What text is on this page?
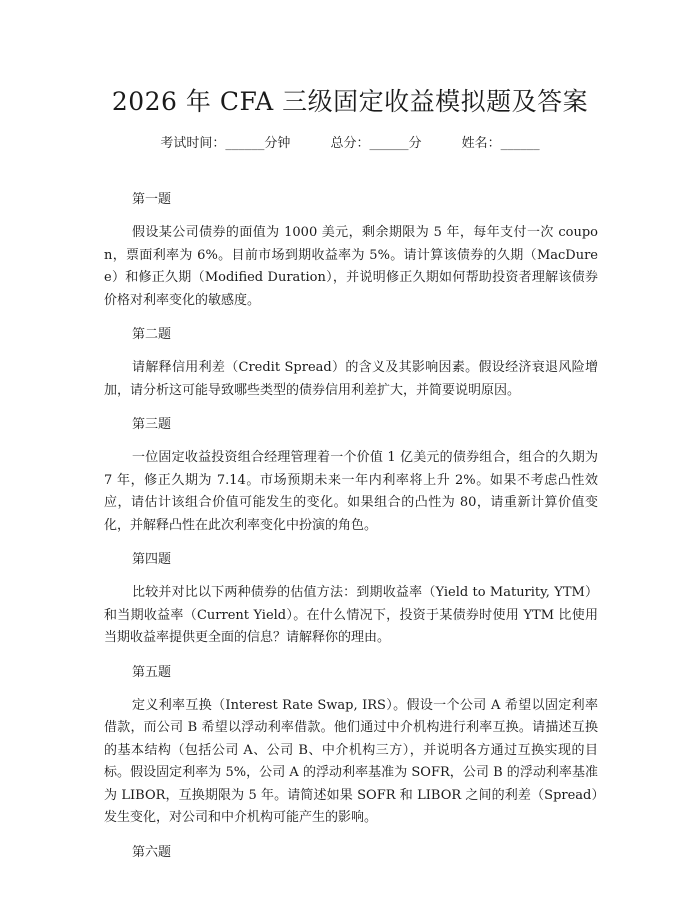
2026 年 CFA 三级固定收益模拟题及答案
考试时间：______分钟	总分：______分	姓名：______

第一题

假设某公司债券的面值为 1000 美元，剩余期限为 5 年，每年支付一次 coupon，票面利率为 6%。目前市场到期收益率为 5%。请计算该债券的久期（MacDuree）和修正久期（Modified Duration），并说明修正久期如何帮助投资者理解该债券价格对利率变化的敏感度。

第二题

请解释信用利差（Credit Spread）的含义及其影响因素。假设经济衰退风险增加，请分析这可能导致哪些类型的债券信用利差扩大，并简要说明原因。

第三题

一位固定收益投资组合经理管理着一个价值 1 亿美元的债券组合，组合的久期为 7 年，修正久期为 7.14。市场预期未来一年内利率将上升 2%。如果不考虑凸性效应，请估计该组合价值可能发生的变化。如果组合的凸性为 80，请重新计算价值变化，并解释凸性在此次利率变化中扮演的角色。

第四题

比较并对比以下两种债券的估值方法：到期收益率（Yield to Maturity, YTM）和当期收益率（Current Yield）。在什么情况下，投资于某债券时使用 YTM 比使用当期收益率提供更全面的信息？请解释你的理由。

第五题

定义利率互换（Interest Rate Swap, IRS）。假设一个公司 A 希望以固定利率借款，而公司 B 希望以浮动利率借款。他们通过中介机构进行利率互换。请描述互换的基本结构（包括公司 A、公司 B、中介机构三方），并说明各方通过互换实现的目标。假设固定利率为 5%，公司 A 的浮动利率基准为 SOFR，公司 B 的浮动利率基准为 LIBOR，互换期限为 5 年。请简述如果 SOFR 和 LIBOR 之间的利差（Spread）发生变化，对公司和中介机构可能产生的影响。

第六题
